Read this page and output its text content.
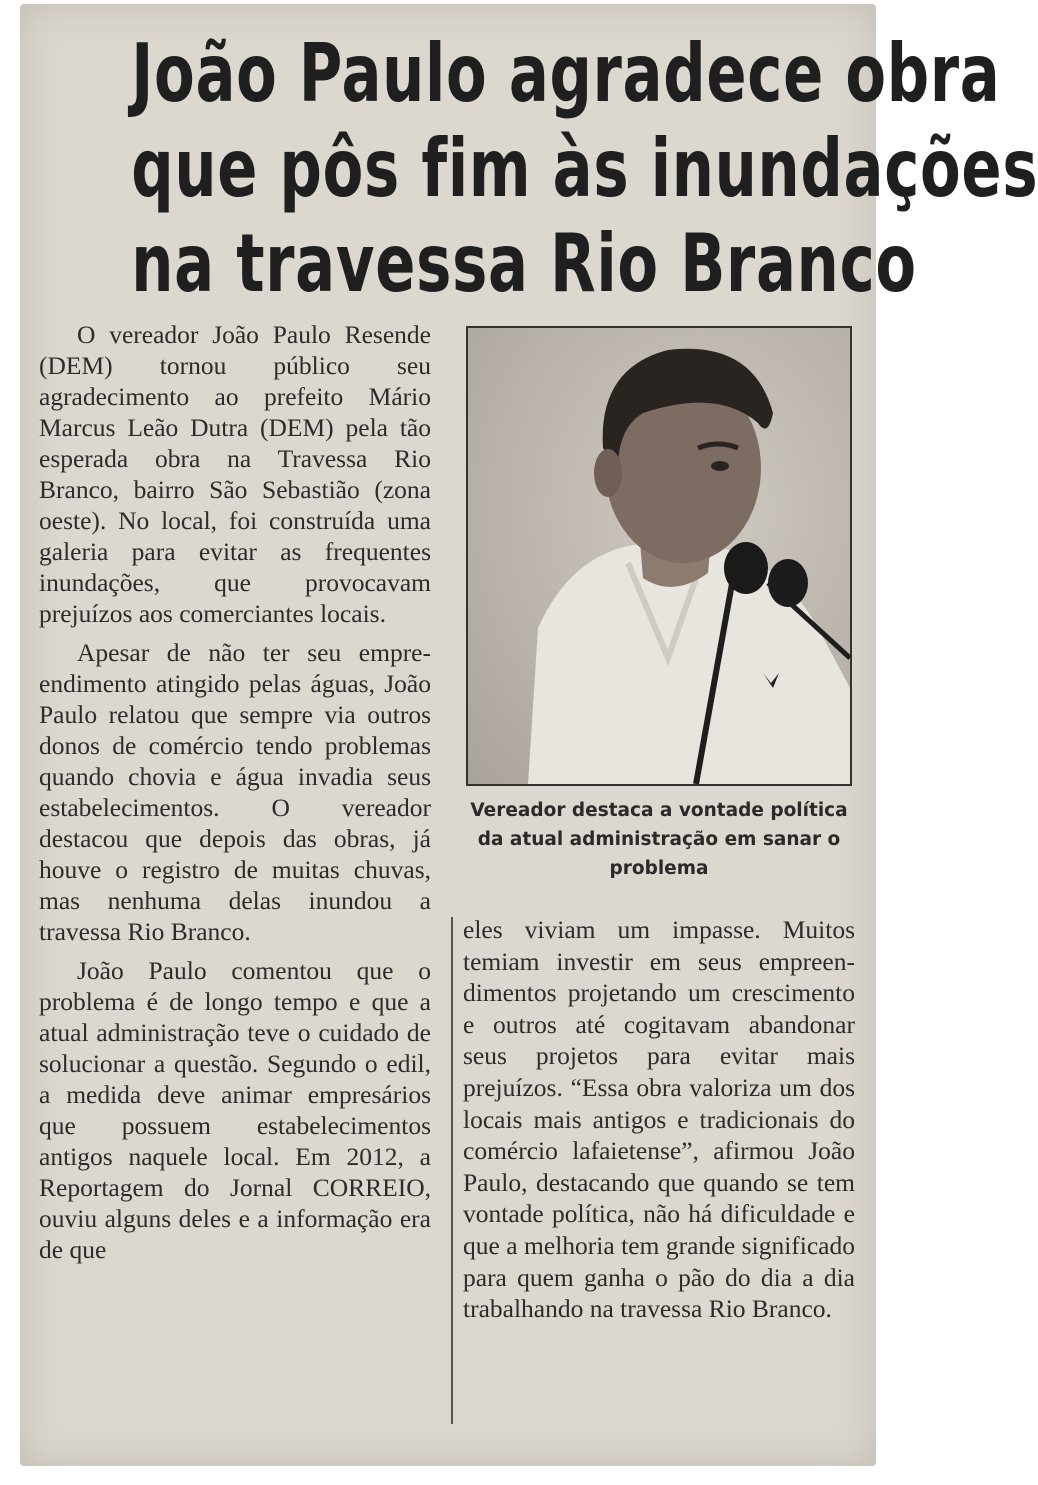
João Paulo agradece obra
que pôs fim às inundações
na travessa Rio Branco

O vereador João Paulo Resende (DEM) tornou público seu agradecimento ao prefeito Mário Marcus Leão Dutra (DEM) pela tão esperada obra na Travessa Rio Branco, bairro São Sebastião (zona oeste). No local, foi construída uma galeria para evitar as frequentes inundações, que provocavam prejuízos aos comerciantes locais.

Apesar de não ter seu empreendimento atingido pelas águas, João Paulo relatou que sempre via outros donos de comércio tendo problemas quando chovia e água invadia seus estabelecimentos. O vereador destacou que depois das obras, já houve o registro de muitas chuvas, mas nenhuma delas inundou a travessa Rio Branco.

João Paulo comentou que o problema é de longo tempo e que a atual administração teve o cuidado de solucionar a questão. Segundo o edil, a medida deve animar empresários que possuem estabelecimentos antigos naquele local. Em 2012, a Reportagem do Jornal CORREIO, ouviu alguns deles e a informação era de que

Vereador destaca a vontade política da atual administração em sanar o problema

eles viviam um impasse. Muitos temiam investir em seus empreendimentos projetando um crescimento e outros até cogitavam abandonar seus projetos para evitar mais prejuízos. “Essa obra valoriza um dos locais mais antigos e tradicionais do comércio lafaietense”, afirmou João Paulo, destacando que quando se tem vontade política, não há dificuldade e que a melhoria tem grande significado para quem ganha o pão do dia a dia trabalhando na travessa Rio Branco.
